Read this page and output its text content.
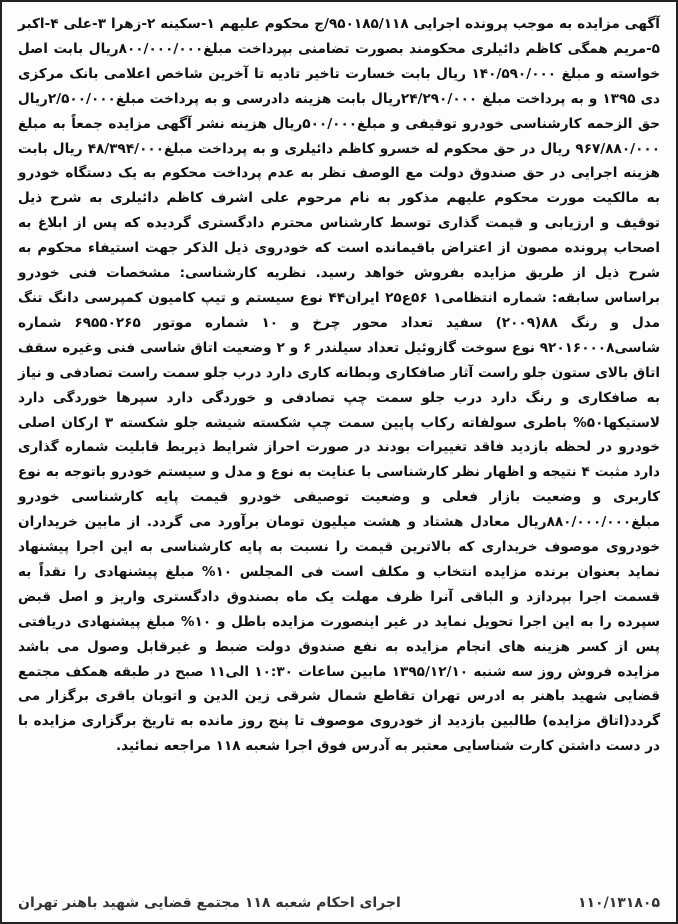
آگهی مزایده به موجب پرونده اجرایی ۹۵۰۱۸۵/۱۱۸/ج محکوم علیهم ۱-سکینه ۲-زهرا ۳-علی ۴-اکبر ۵-مریم همگی کاظم دائیلری محکومند بصورت تضامنی بپرداخت مبلغ۸۰۰/۰۰۰/۰۰۰ریال بابت اصل خواسته و مبلغ ۱۴۰/۵۹۰/۰۰۰ ریال بابت خسارت تاخیر تادیه تا آخرین شاخص اعلامی بانک مرکزی دی ۱۳۹۵ و به پرداخت مبلغ ۲۴/۲۹۰/۰۰۰ریال بابت هزینه دادرسی و به پرداخت مبلغ۲/۵۰۰/۰۰۰ریال حق الزحمه کارشناسی خودرو توقیفی و مبلغ۵۰۰/۰۰۰ریال هزینه نشر آگهی مزایده جمعاً به مبلغ ۹۶۷/۸۸۰/۰۰۰ ریال در حق محکوم له خسرو کاظم دائیلری و به پرداخت مبلغ۴۸/۳۹۴/۰۰۰ ریال بابت هزینه اجرایی در حق صندوق دولت مع الوصف نظر به عدم پرداخت محکوم به یک دستگاه خودرو به مالکیت مورت محکوم علیهم مذکور به نام مرحوم علی اشرف کاظم دائیلری به شرح ذیل توقیف و ارزیابی و قیمت گذاری توسط کارشناس محترم دادگستری گردیده که پس از ابلاغ به اصحاب پرونده مصون از اعتراض باقیمانده است که خودروی ذیل الذکر جهت استیفاء محکوم به شرح ذیل از طریق مزایده بفروش خواهد رسید. نظریه کارشناسی: مشخصات فنی خودرو براساس سابقه: شماره انتظامی۱ ۵۶ع۲۵ ایران۴۴ نوع سیستم و تیپ کامیون کمپرسی دانگ تنگ مدل و رنگ ۸۸(۲۰۰۹) سفید تعداد محور چرخ و ۱۰ شماره موتور ۶۹۵۵۰۲۶۵ شماره شاسی۹۲۰۱۶۰۰۰۸ نوع سوخت گازوئیل تعداد سیلندر ۶ و ۲ وضعیت اتاق شاسی فنی وغیره سقف اتاق بالای ستون جلو راست آثار صافکاری وبطانه کاری دارد درب جلو سمت راست تصادفی و نیاز به صافکاری و رنگ دارد درب جلو سمت چپ تصادفی و خوردگی دارد سپرها خوردگی دارد لاستیکها۵۰% باطری سولفاته رکاب پایین سمت چپ شکسته شیشه جلو شکسته ۳ ارکان اصلی خودرو در لحظه بازدید فاقد تغییرات بودند در صورت احراز شرایط ذیربط قابلیت شماره گذاری دارد مثبت ۴ نتیجه و اظهار نظر کارشناسی با عنایت به نوع و مدل و سیستم خودرو باتوجه به نوع کاربری و وضعیت بازار فعلی و وضعیت توصیفی خودرو قیمت پایه کارشناسی خودرو مبلغ۸۸۰/۰۰۰/۰۰۰ریال معادل هشتاد و هشت میلیون تومان برآورد می گردد. از مابین خریداران خودروی موصوف خریداری که بالاترین قیمت را نسبت به پایه کارشناسی به این اجرا پیشنهاد نماید بعنوان برنده مزایده انتخاب و مکلف است فی المجلس ۱۰% مبلغ پیشنهادی را نقداً به قسمت اجرا بپردازد و الباقی آنرا ظرف مهلت یک ماه بصندوق دادگستری واریز و اصل قبض سپرده را به این اجرا تحویل نماید در غیر اینصورت مزایده باطل و ۱۰% مبلغ پیشنهادی دریافتی پس از کسر هزینه های انجام مزایده به نفع صندوق دولت ضبط و غیرقابل وصول می باشد مزایده فروش روز سه شنبه ۱۳۹۵/۱۲/۱۰ مابین ساعات ۱۰:۳۰ الی۱۱ صبح در طبقه همکف مجتمع قضایی شهید باهنر به ادرس تهران تقاطع شمال شرقی زین الدین و اتوبان باقری برگزار می گردد(اتاق مزایده) طالبین بازدید از خودروی موصوف تا پنج روز مانده به تاریخ برگزاری مزایده با در دست داشتن کارت شناسایی معتبر به آدرس فوق اجرا شعبه ۱۱۸ مراجعه نمائید.
اجرای احکام شعبه ۱۱۸ مجتمع قضایی شهید باهنر تهران	۱۱۰/۱۳۱۸۰۵
